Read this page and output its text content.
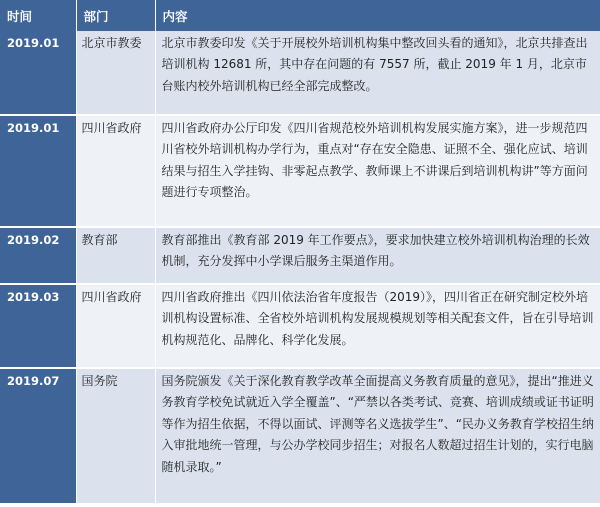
时间	部门	内容
2019.01	北京市教委	北京市教委印发《关于开展校外培训机构集中整改回头看的通知》，北京共排查出培训机构 12681 所，其中存在问题的有 7557 所，截止 2019 年 1 月，北京市台账内校外培训机构已经全部完成整改。
2019.01	四川省政府	四川省政府办公厅印发《四川省规范校外培训机构发展实施方案》，进一步规范四川省校外培训机构办学行为，重点对“存在安全隐患、证照不全、强化应试、培训结果与招生入学挂钩、非零起点教学、教师课上不讲课后到培训机构讲”等方面问题进行专项整治。
2019.02	教育部	教育部推出《教育部 2019 年工作要点》，要求加快建立校外培训机构治理的长效机制，充分发挥中小学课后服务主渠道作用。
2019.03	四川省政府	四川省政府推出《四川依法治省年度报告（2019）》，四川省正在研究制定校外培训机构设置标准、全省校外培训机构发展规模规划等相关配套文件，旨在引导培训机构规范化、品牌化、科学化发展。
2019.07	国务院	国务院颁发《关于深化教育教学改革全面提高义务教育质量的意见》，提出“推进义务教育学校免试就近入学全覆盖”、“严禁以各类考试、竞赛、培训成绩或证书证明等作为招生依据，不得以面试、评测等名义选拔学生”、“民办义务教育学校招生纳入审批地统一管理，与公办学校同步招生；对报名人数超过招生计划的，实行电脑随机录取。”
